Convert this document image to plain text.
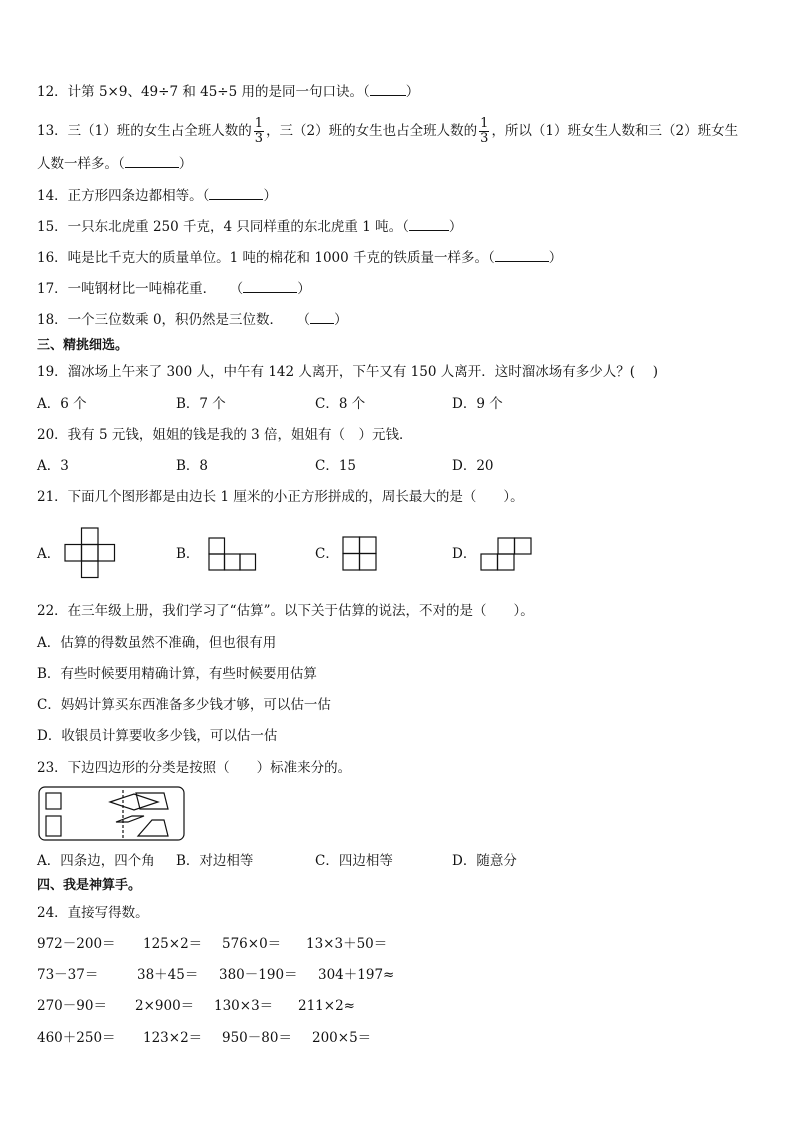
12．计第 5×9、49÷7 和 45÷5 用的是同一句口诀。（	）
13．三（1）班的女生占全班人数的 $\frac{1}{3}$ ，三（2）班的女生也占全班人数的 $\frac{1}{3}$ ，所以（1）班女生人数和三（2）班女生
人数一样多。（	）
14．正方形四条边都相等。（	）
15．一只东北虎重 250 千克，4 只同样重的东北虎重 1 吨。（	）
16．吨是比千克大的质量单位。1 吨的棉花和 1000 千克的铁质量一样多。（	）
17．一吨钢材比一吨棉花重．　　（	）
18．一个三位数乘 0，积仍然是三位数．　　（ ）
三、精挑细选。
19．溜冰场上午来了 300 人，中午有 142 人离开，下午又有 150 人离开．这时溜冰场有多少人？(　 )
A．6 个	B．7 个	C．8 个	D．9 个
20．我有 5 元钱，姐姐的钱是我的 3 倍，姐姐有（　）元钱．
A．3	B．8	C．15	D．20
21．下面几个图形都是由边长 1 厘米的小正方形拼成的，周长最大的是（　　）。
A．	B．	C．	D．
22．在三年级上册，我们学习了“估算”。以下关于估算的说法，不对的是（　　）。
A．估算的得数虽然不准确，但也很有用
B．有些时候要用精确计算，有些时候要用估算
C．妈妈计算买东西准备多少钱才够，可以估一估
D．收银员计算要收多少钱，可以估一估
23．下边四边形的分类是按照（　　）标准来分的。
A．四条边，四个角 B．对边相等	C．四边相等	D．随意分
四、我是神算手。
24．直接写得数。
972－200＝ 125×2＝ 576×0＝ 13×3＋50＝
73－37＝	38＋45＝ 380－190＝ 304＋197≈
270－90＝ 2×900＝ 130×3＝ 211×2≈
460＋250＝ 123×2＝ 950－80＝ 200×5＝
